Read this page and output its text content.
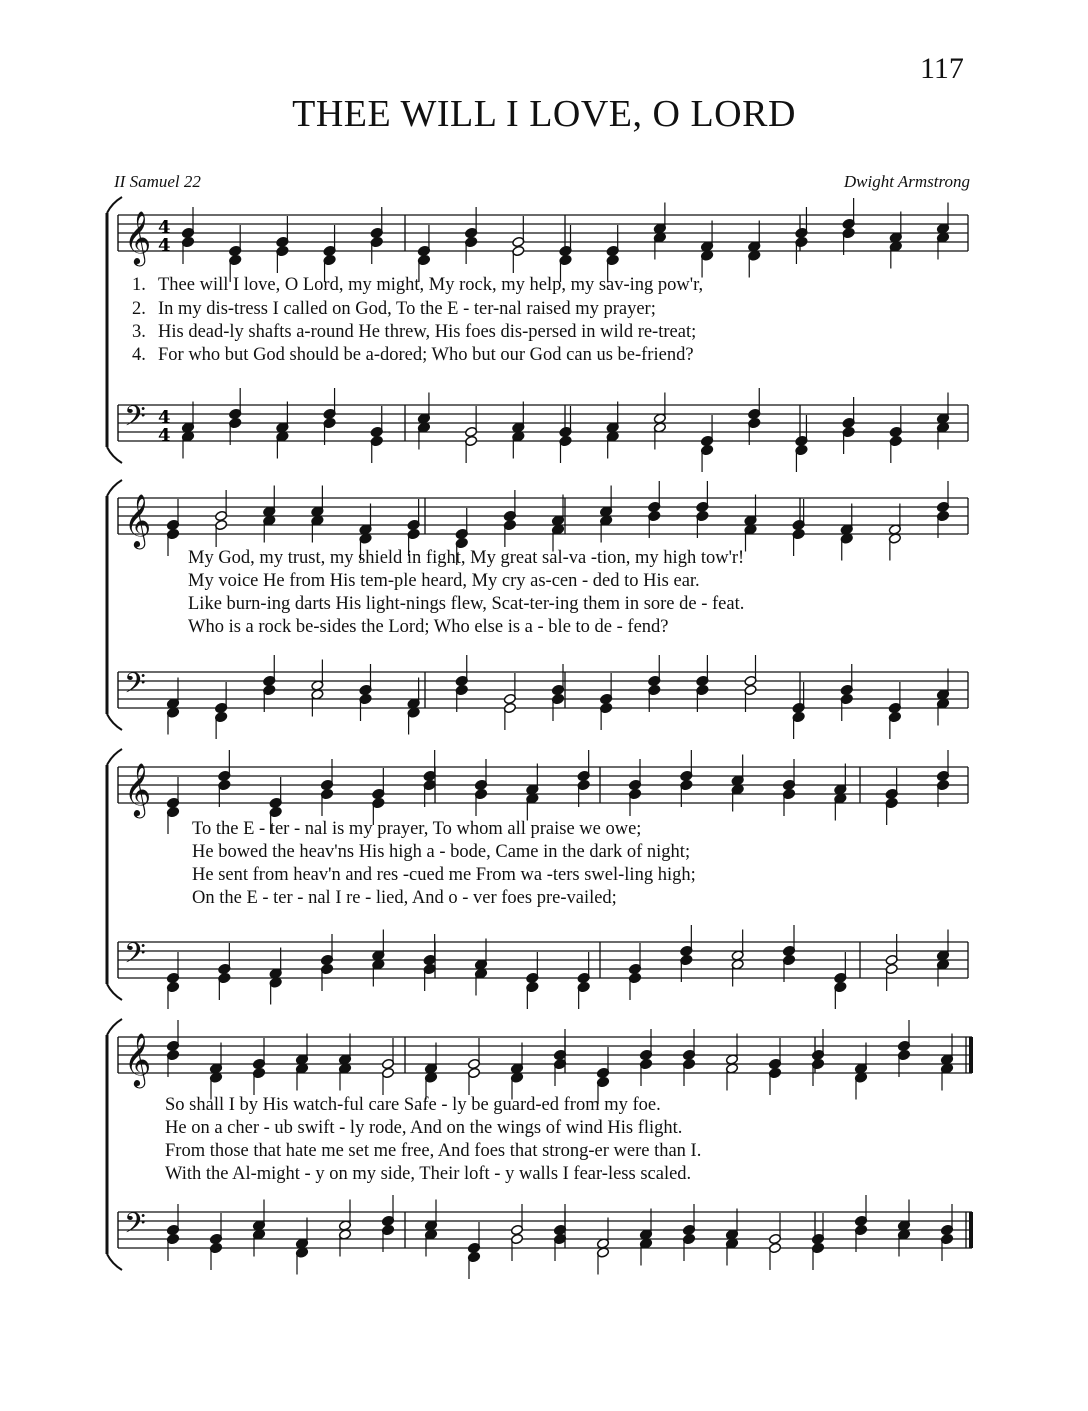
117
THEE WILL I LOVE, O LORD
II Samuel 22	Dwight Armstrong
𝄞 4
4
1. Thee will I love, O Lord, my might, My rock, my help, my sav-ing pow'r,
2. In my dis-tress I called on God, To the E - ter-nal raised my prayer;
3. His dead-ly shafts a-round He threw, His foes dis-persed in wild re-treat;
4. For who but God should be a-dored; Who but our God can us be-friend?
𝄢 4
4
𝄞
My God, my trust, my shield in fight, My great sal-va -tion, my high tow'r!
My voice He from His tem-ple heard, My cry as-cen - ded to His ear.
Like burn-ing darts His light-nings flew, Scat-ter-ing them in sore de - feat.
Who is a rock be-sides the Lord; Who else is a - ble to de - fend?
𝄢
𝄞
To the E - ter - nal is my prayer, To whom all praise we owe;
He bowed the heav'ns His high a - bode, Came in the dark of night;
He sent from heav'n and res -cued me From wa -ters swel-ling high;
On the E - ter - nal I re - lied, And o - ver foes pre-vailed;
𝄢
𝄞
So shall I by His watch-ful care Safe - ly be guard-ed from my foe.
He on a cher - ub swift - ly rode, And on the wings of wind His flight.
From those that hate me set me free, And foes that strong-er were than I.
With the Al-might - y on my side, Their loft - y walls I fear-less scaled.
𝄢
